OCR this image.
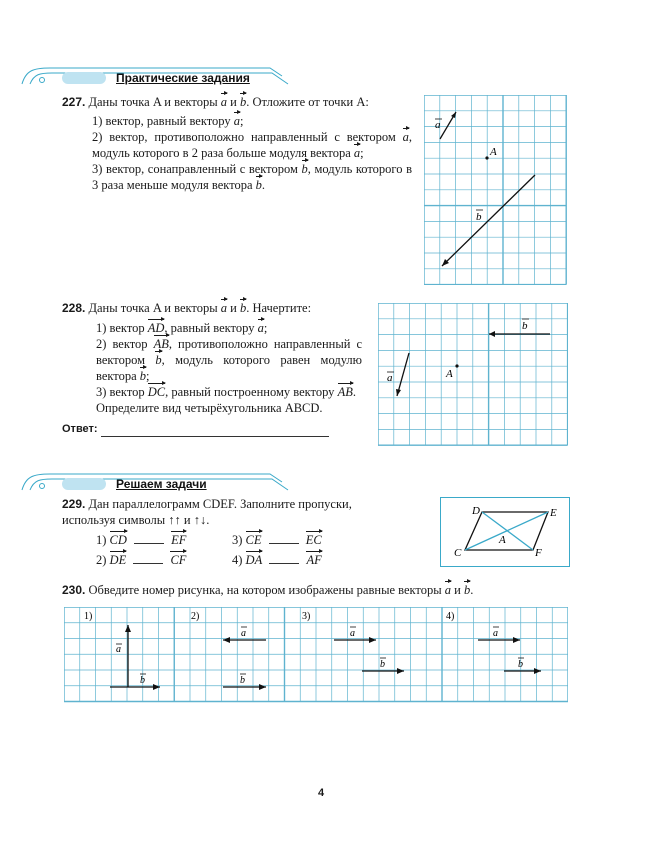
Практические задания
227. Даны точка A и векторы a и b. Отложите от точки A:
1) вектор, равный вектору a;
2) вектор, противоположно направленный с вектором a, модуль которого в 2 раза больше модуля вектора a;
3) вектор, сонаправленный с вектором b, модуль которого в 3 раза меньше модуля вектора b.
a
A
b
228. Даны точка A и векторы a и b. Начертите:
1) вектор AD, равный вектору a;
2) вектор AB, противоположно направленный с вектором b, модуль которого равен модулю вектора b;
3) вектор DC, равный построенному вектору AB.
Определите вид четырёхугольника ABCD.
Ответ:
b
a	A
Решаем задачи
229. Дан параллелограмм CDEF. Заполните пропуски, используя символы ↑↑ и ↑↓.
1) CD	EF
2) DE	CF
3) CE	EC
4) DA	AF
D	E
C	F
A
230. Обведите номер рисунка, на котором изображены равные векторы a и b.
1)	2)	3)	4)
a
b
a
b
a
b
a
b
4
